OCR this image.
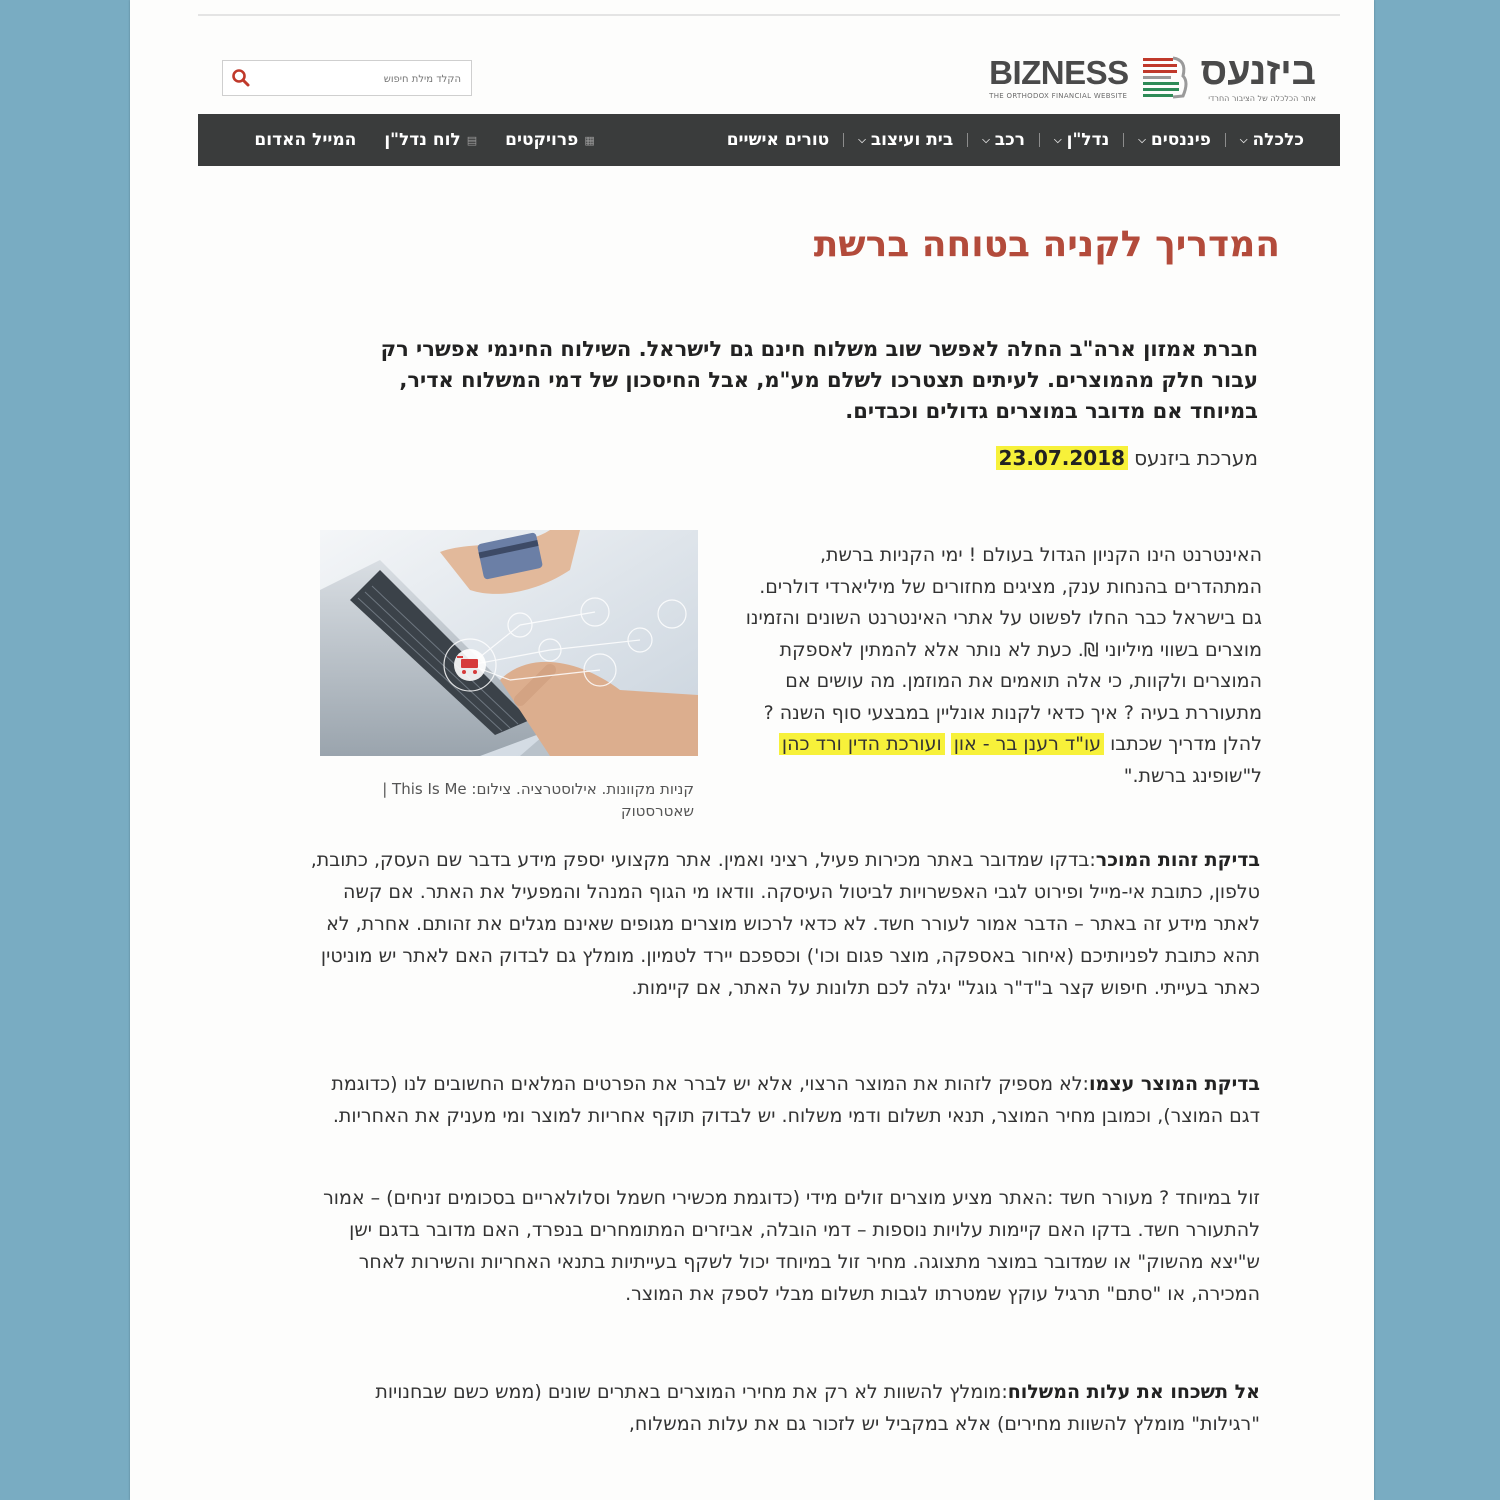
BIZNESS
THE ORTHODOX FINANCIAL WEBSITE
ביזנעס
אתר הכלכלה של הציבור החרדי
הקלד מילת חיפוש
כלכלה
⌵
פיננסים
⌵
נדל"ן
⌵
רכב
⌵
בית ועיצוב
⌵
טורים אישיים
▦
פרויקטים
▤
לוח נדל"ן
המייל האדום
המדריך לקניה בטוחה ברשת

חברת אמזון ארה"ב החלה לאפשר שוב משלוח חינם גם לישראל. השילוח החינמי אפשרי רק עבור חלק מהמוצרים. לעיתים תצטרכו לשלם מע"מ, אבל החיסכון של דמי המשלוח אדיר, במיוחד אם מדובר במוצרים גדולים וכבדים.

מערכת ביזנעס
23.07.2018
קניות מקוונות. אילוסטרציה. צילום: This Is Me | שאטרסטוק

האינטרנט הינו הקניון הגדול בעולם ! ימי הקניות ברשת, המתהדרים בהנחות ענק, מציגים מחזורים של מיליארדי דולרים. גם בישראל כבר החלו לפשוט על אתרי האינטרנט השונים והזמינו מוצרים בשווי מיליוני ₪. כעת לא נותר אלא להמתין לאספקת המוצרים ולקוות, כי אלה תואמים את המוזמן. מה עושים אם מתעוררת בעיה ? איך כדאי לקנות אונליין במבצעי סוף השנה ? להלן מדריך שכתבו עו"ד רענן בר - און ועורכת הדין ורד כהן ל"שופינג ברשת."

בדיקת זהות המוכר:בדקו שמדובר באתר מכירות פעיל, רציני ואמין. אתר מקצועי יספק מידע בדבר שם העסק, כתובת, טלפון, כתובת אי-מייל ופירוט לגבי האפשרויות לביטול העיסקה. וודאו מי הגוף המנהל והמפעיל את האתר. אם קשה לאתר מידע זה באתר – הדבר אמור לעורר חשד. לא כדאי לרכוש מוצרים מגופים שאינם מגלים את זהותם. אחרת, לא תהא כתובת לפניותיכם (איחור באספקה, מוצר פגום וכו') וכספכם יירד לטמיון. מומלץ גם לבדוק האם לאתר יש מוניטין כאתר בעייתי. חיפוש קצר ב"ד"ר גוגל" יגלה לכם תלונות על האתר, אם קיימות.

בדיקת המוצר עצמו:לא מספיק לזהות את המוצר הרצוי, אלא יש לברר את הפרטים המלאים החשובים לנו (כדוגמת דגם המוצר), וכמובן מחיר המוצר, תנאי תשלום ודמי משלוח. יש לבדוק תוקף אחריות למוצר ומי מעניק את האחריות.

זול במיוחד ? מעורר חשד :האתר מציע מוצרים זולים מידי (כדוגמת מכשירי חשמל וסלולאריים בסכומים זניחים) – אמור להתעורר חשד. בדקו האם קיימות עלויות נוספות – דמי הובלה, אביזרים המתומחרים בנפרד, האם מדובר בדגם ישן ש"יצא מהשוק" או שמדובר במוצר מתצוגה. מחיר זול במיוחד יכול לשקף בעייתיות בתנאי האחריות והשירות לאחר המכירה, או "סתם" תרגיל עוקץ שמטרתו לגבות תשלום מבלי לספק את המוצר.

אל תשכחו את עלות המשלוח:מומלץ להשוות לא רק את מחירי המוצרים באתרים שונים (ממש כשם שבחנויות "רגילות" מומלץ להשוות מחירים) אלא במקביל יש לזכור גם את עלות המשלוח,
